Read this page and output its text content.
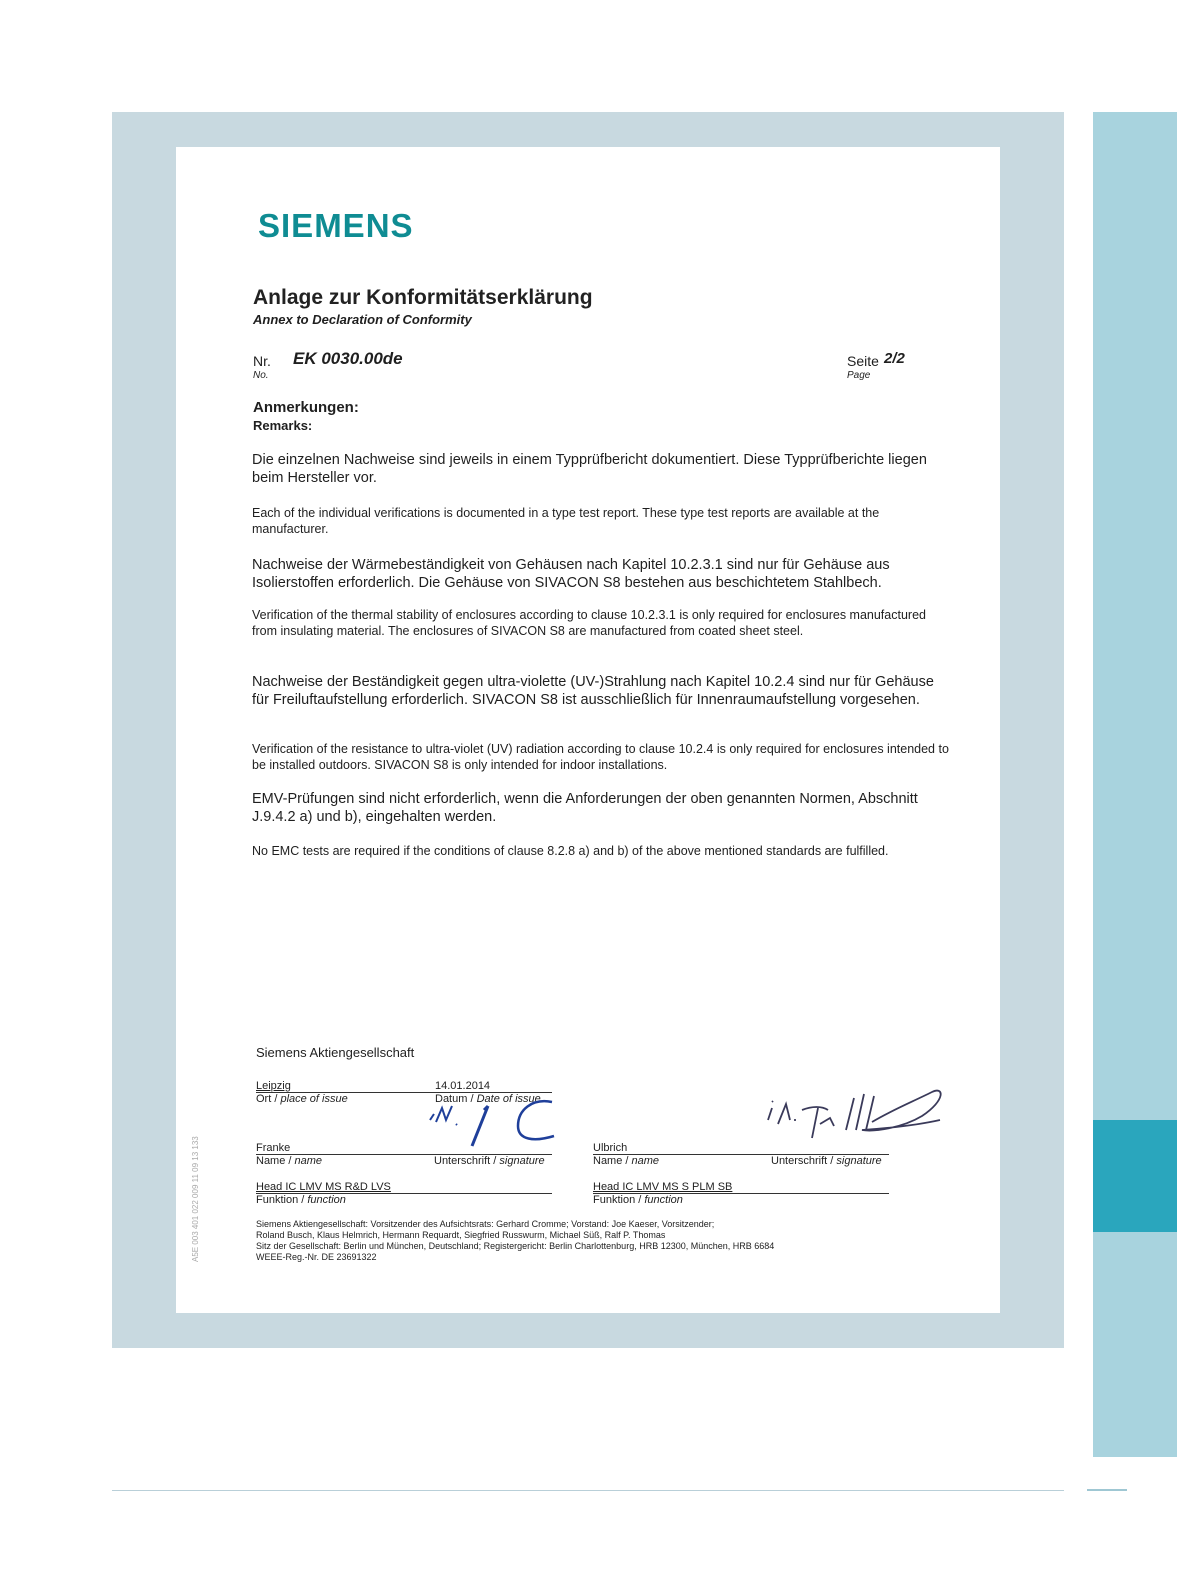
SIEMENS
Anlage zur Konformitätserklärung
Annex to Declaration of Conformity
Nr. EK 0030.00de
No.
Seite 2/2
Page
Anmerkungen:
Remarks:

Die einzelnen Nachweise sind jeweils in einem Typprüfbericht dokumentiert. Diese Typprüfberichte liegen beim Hersteller vor.

Each of the individual verifications is documented in a type test report. These type test reports are available at the manufacturer.

Nachweise der Wärmebeständigkeit von Gehäusen nach Kapitel 10.2.3.1 sind nur für Gehäuse aus Isolierstoffen erforderlich. Die Gehäuse von SIVACON S8 bestehen aus beschichtetem Stahlbech.

Verification of the thermal stability of enclosures according to clause 10.2.3.1 is only required for enclosures manufactured from insulating material. The enclosures of SIVACON S8 are manufactured from coated sheet steel.

Nachweise der Beständigkeit gegen ultra-violette (UV-)Strahlung nach Kapitel 10.2.4 sind nur für Gehäuse für Freiluftaufstellung erforderlich. SIVACON S8 ist ausschließlich für Innenraumaufstellung vorgesehen.

Verification of the resistance to ultra-violet (UV) radiation according to clause 10.2.4 is only required for enclosures intended to be installed outdoors. SIVACON S8 is only intended for indoor installations.

EMV-Prüfungen sind nicht erforderlich, wenn die Anforderungen der oben genannten Normen, Abschnitt J.9.4.2 a) und b), eingehalten werden.

No EMC tests are required if the conditions of clause 8.2.8 a) and b) of the above mentioned standards are fulfilled.

Siemens Aktiengesellschaft
Leipzig
Ort / place of issue
14.01.2014
Datum / Date of issue
Franke
Name / name	Unterschrift / signature
Head IC LMV MS R&D LVS
Funktion / function
Ulbrich
Name / name	Unterschrift / signature
Head IC LMV MS S PLM SB
Funktion / function
Siemens Aktiengesellschaft: Vorsitzender des Aufsichtsrats: Gerhard Cromme; Vorstand: Joe Kaeser, Vorsitzender;
Roland Busch, Klaus Helmrich, Hermann Requardt, Siegfried Russwurm, Michael Süß, Ralf P. Thomas
Sitz der Gesellschaft: Berlin und München, Deutschland; Registergericht: Berlin Charlottenburg, HRB 12300, München, HRB 6684
WEEE-Reg.-Nr. DE 23691322
A5E 003 401 022 009 11 09 13 133
